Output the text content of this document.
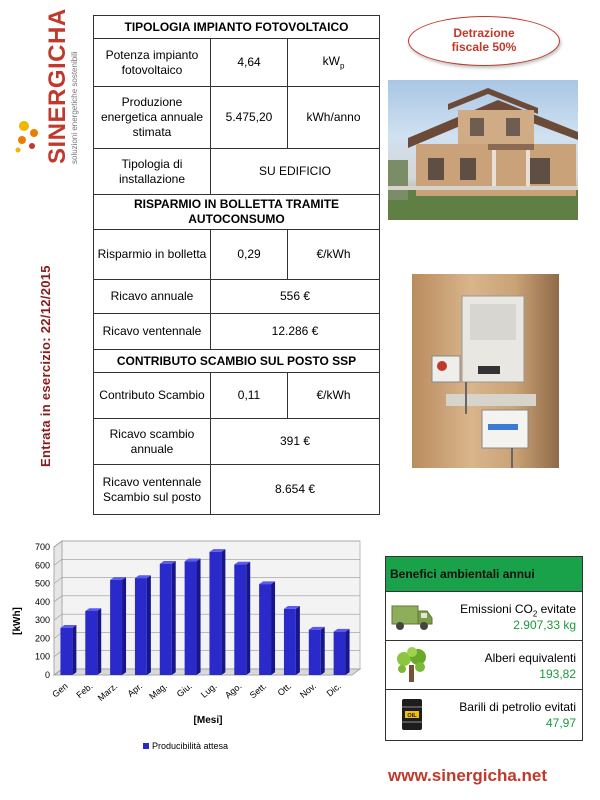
SINERGICHA soluzioni energetiche sostenibili
Entrata in esercizio: 22/12/2015
TIPOLOGIA IMPIANTO FOTOVOLTAICO		
Potenza impianto fotovoltaico	4,64	$kW_p$
Produzione energetica annuale stimata	5.475,20	kWh/anno
Tipologia di installazione	SU EDIFICIO	
RISPARMIO IN BOLLETTA TRAMITE AUTOCONSUMO		
Risparmio in bolletta	0,29	€/kWh
Ricavo annuale	556 €	
Ricavo ventennale	12.286 €	
CONTRIBUTO SCAMBIO SUL POSTO SSP		
Contributo Scambio	0,11	€/kWh
Ricavo scambio annuale	391 €	
Ricavo ventennale Scambio sul posto	8.654 €	
Detrazione
fiscale 50%
Gen Feb. Marz. Apr. Mag. Giu. Lug. Ago. Sett. Ott. Nov. Dic.
0
100
200
300
400
500
600
700
[kWh]
[Mesi]
Producibilità attesa
Benefici ambientali annui
Emissioni $CO_2$ evitate
2.907,33 kg
Alberi equivalenti
193,82
OIL
Barili di petrolio evitati
47,97
www.sinergicha.net
